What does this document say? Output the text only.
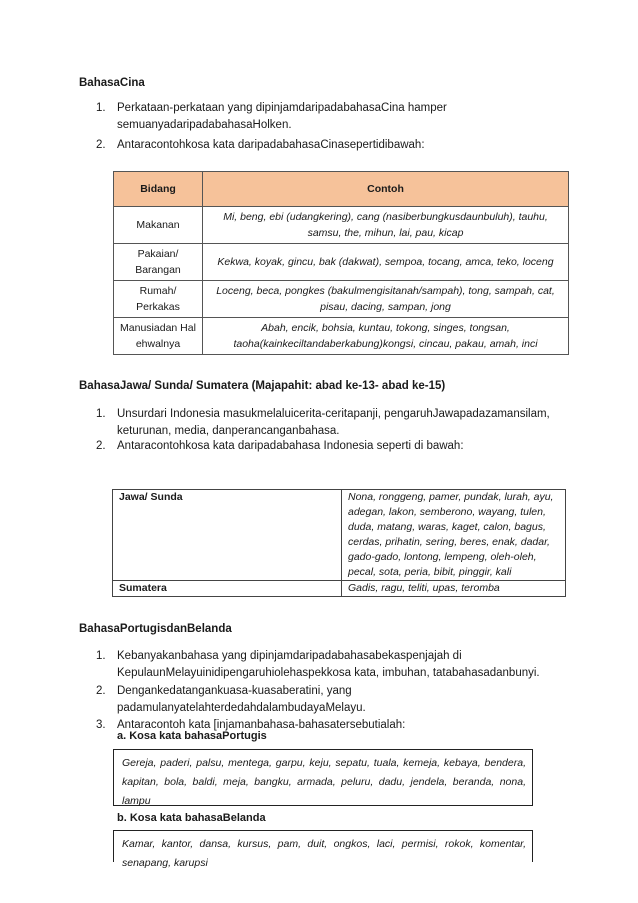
BahasaCina
1. Perkataan-perkataan yang dipinjamdaripadabahasaCina hamper
semuanyadaripadabahasaHolken.
2. Antaracontohkosa kata daripadabahasaCinasepertidibawah:
Bidang	Contoh
Makanan	Mi, beng, ebi (udangkering), cang (nasiberbungkusdaunbuluh), tauhu, samsu, the, mihun, lai, pau, kicap
Pakaian/ Barangan	Kekwa, koyak, gincu, bak (dakwat), sempoa, tocang, amca, teko, loceng
Rumah/ Perkakas	Loceng, beca, pongkes (bakulmengisitanah/sampah), tong, sampah, cat, pisau, dacing, sampan, jong
Manusiadan Hal ehwalnya	Abah, encik, bohsia, kuntau, tokong, singes, tongsan, taoha(kainkeciltandaberkabung)kongsi, cincau, pakau, amah, inci
BahasaJawa/ Sunda/ Sumatera (Majapahit: abad ke-13- abad ke-15)
1. Unsurdari Indonesia masukmelaluicerita-ceritapanji, pengaruhJawapadazamansilam,
keturunan, media, danperancanganbahasa.
2. Antaracontohkosa kata daripadabahasa Indonesia seperti di bawah:
Jawa/ Sunda	Nona, ronggeng, pamer, pundak, lurah, ayu, adegan, lakon, semberono, wayang, tulen, duda, matang, waras, kaget, calon, bagus, cerdas, prihatin, sering, beres, enak, dadar, gado-gado, lontong, lempeng, oleh-oleh, pecal, sota, peria, bibit, pinggir, kali
Sumatera	Gadis, ragu, teliti, upas, teromba
BahasaPortugisdanBelanda
1. Kebanyakanbahasa yang dipinjamdaripadabahasabekaspenjajah di
KepulaunMelayuinidipengaruhiolehaspekkosa kata, imbuhan, tatabahasadanbunyi.
2. Dengankedatangankuasa-kuasaberatini, yang
padamulanyatelahterdedahdalambudayaMelayu.
3. Antaracontoh kata [injamanbahasa-bahasatersebutialah:
a. Kosa kata bahasaPortugis
Gereja, paderi, palsu, mentega, garpu, keju, sepatu, tuala, kemeja, kebaya, bendera, kapitan, bola, baldi, meja, bangku, armada, peluru, dadu, jendela, beranda, nona, lampu
b. Kosa kata bahasaBelanda
Kamar, kantor, dansa, kursus, pam, duit, ongkos, laci, permisi, rokok, komentar, senapang, karupsi
